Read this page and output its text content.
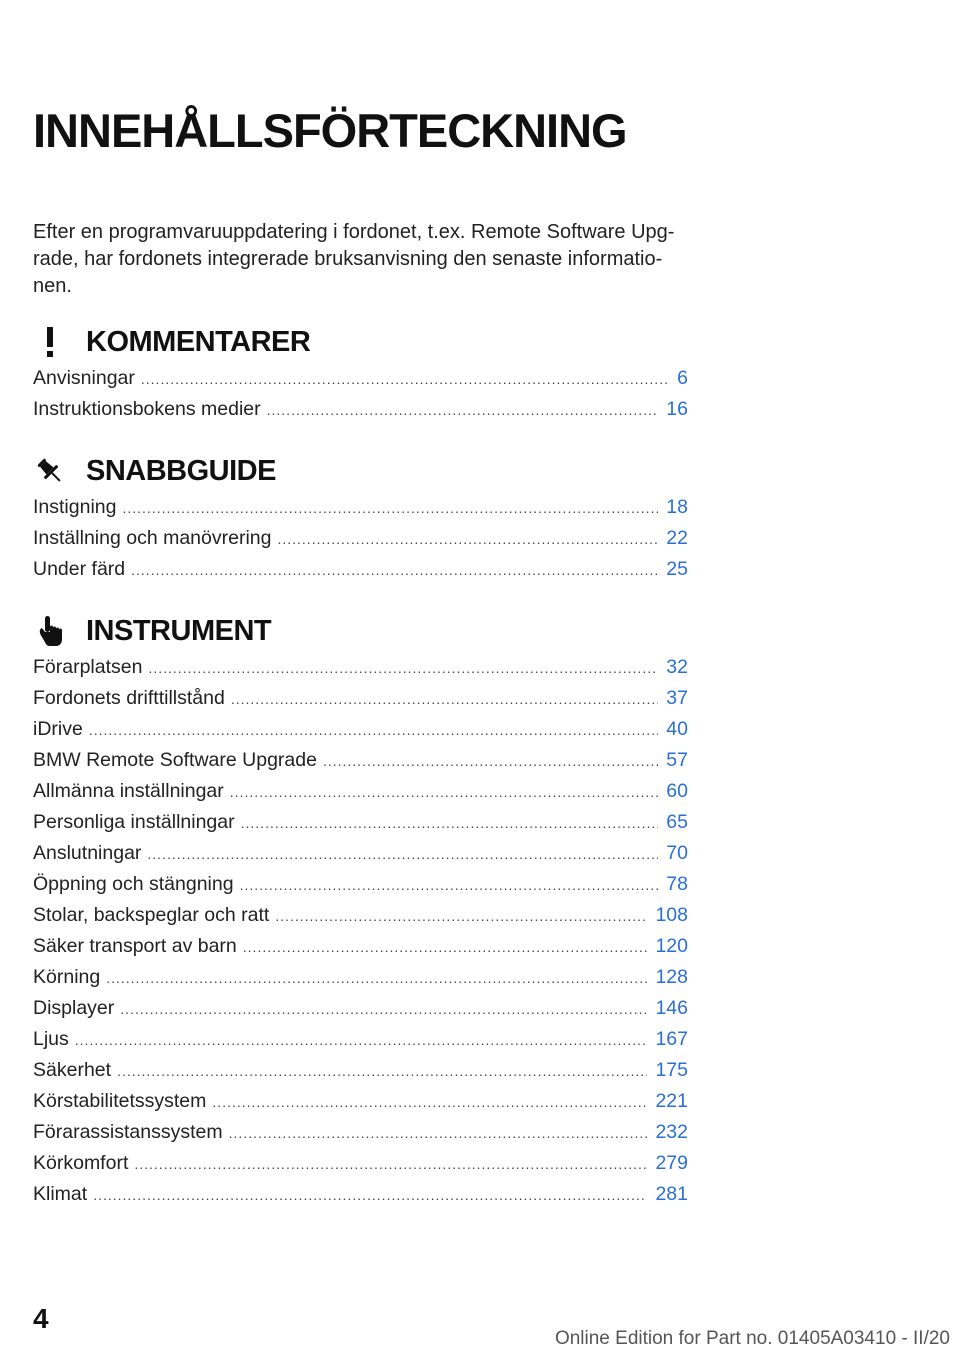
INNEHÅLLSFÖRTECKNING

Efter en programvaruuppdatering i fordonet, t.ex. Remote Software Upg-rade, har fordonets integrerade bruksanvisning den senaste informatio-nen.

KOMMENTARER
Anvisningar .....	6
Instruktionsbokens medier .....	16
SNABBGUIDE
Instigning .....	18
Inställning och manövrering .....	22
Under färd .....	25
INSTRUMENT
Förarplatsen .....	32
Fordonets drifttillstånd .....	37
iDrive .....	40
BMW Remote Software Upgrade .....	57
Allmänna inställningar .....	60
Personliga inställningar .....	65
Anslutningar .....	70
Öppning och stängning .....	78
Stolar, backspeglar och ratt .....	108
Säker transport av barn .....	120
Körning .....	128
Displayer .....	146
Ljus .....	167
Säkerhet .....	175
Körstabilitetssystem .....	221
Förarassistanssystem .....	232
Körkomfort .....	279
Klimat .....	281
4
Online Edition for Part no. 01405A03410 - II/20
